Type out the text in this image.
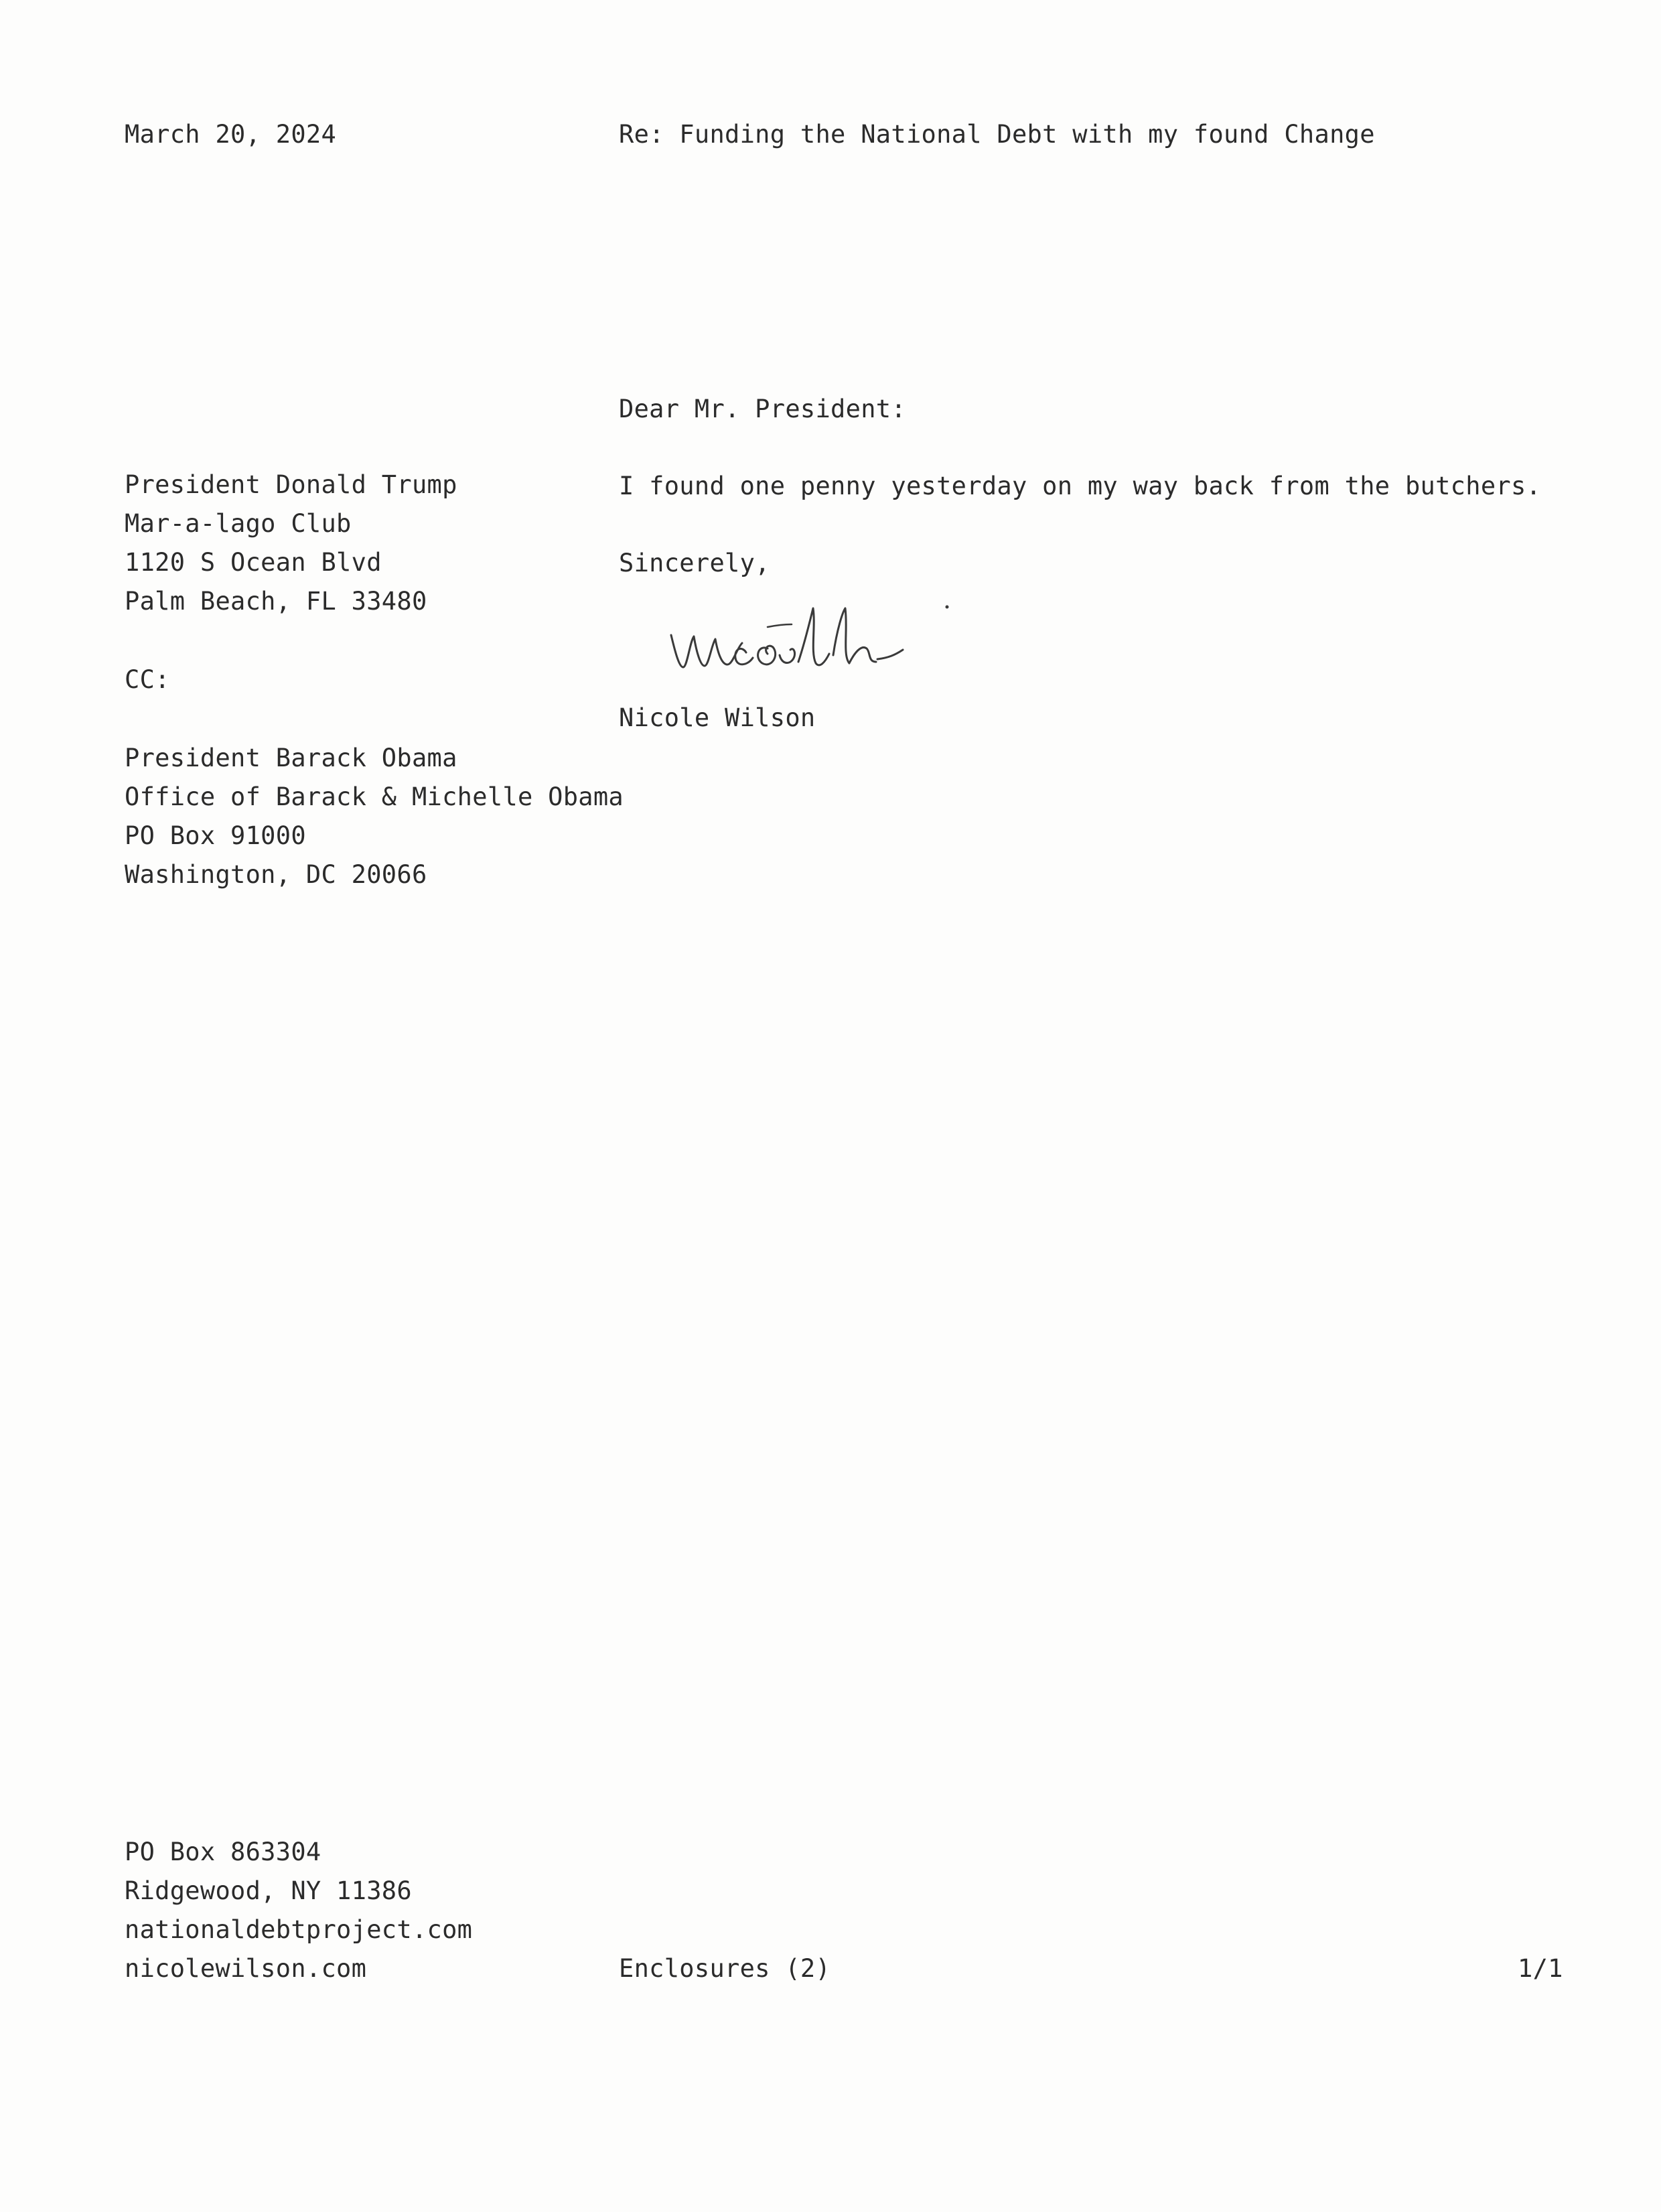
March 20, 2024	Re: Funding the National Debt with my found Change
Dear Mr. President:
I found one penny yesterday on my way back from the butchers.
Sincerely,
Nicole Wilson
President Donald Trump
Mar-a-lago Club
1120 S Ocean Blvd
Palm Beach, FL 33480
CC:
President Barack Obama
Office of Barack & Michelle Obama
PO Box 91000
Washington, DC 20066
PO Box 863304
Ridgewood, NY 11386
nationaldebtproject.com
nicolewilson.com	Enclosures (2)	1/1
